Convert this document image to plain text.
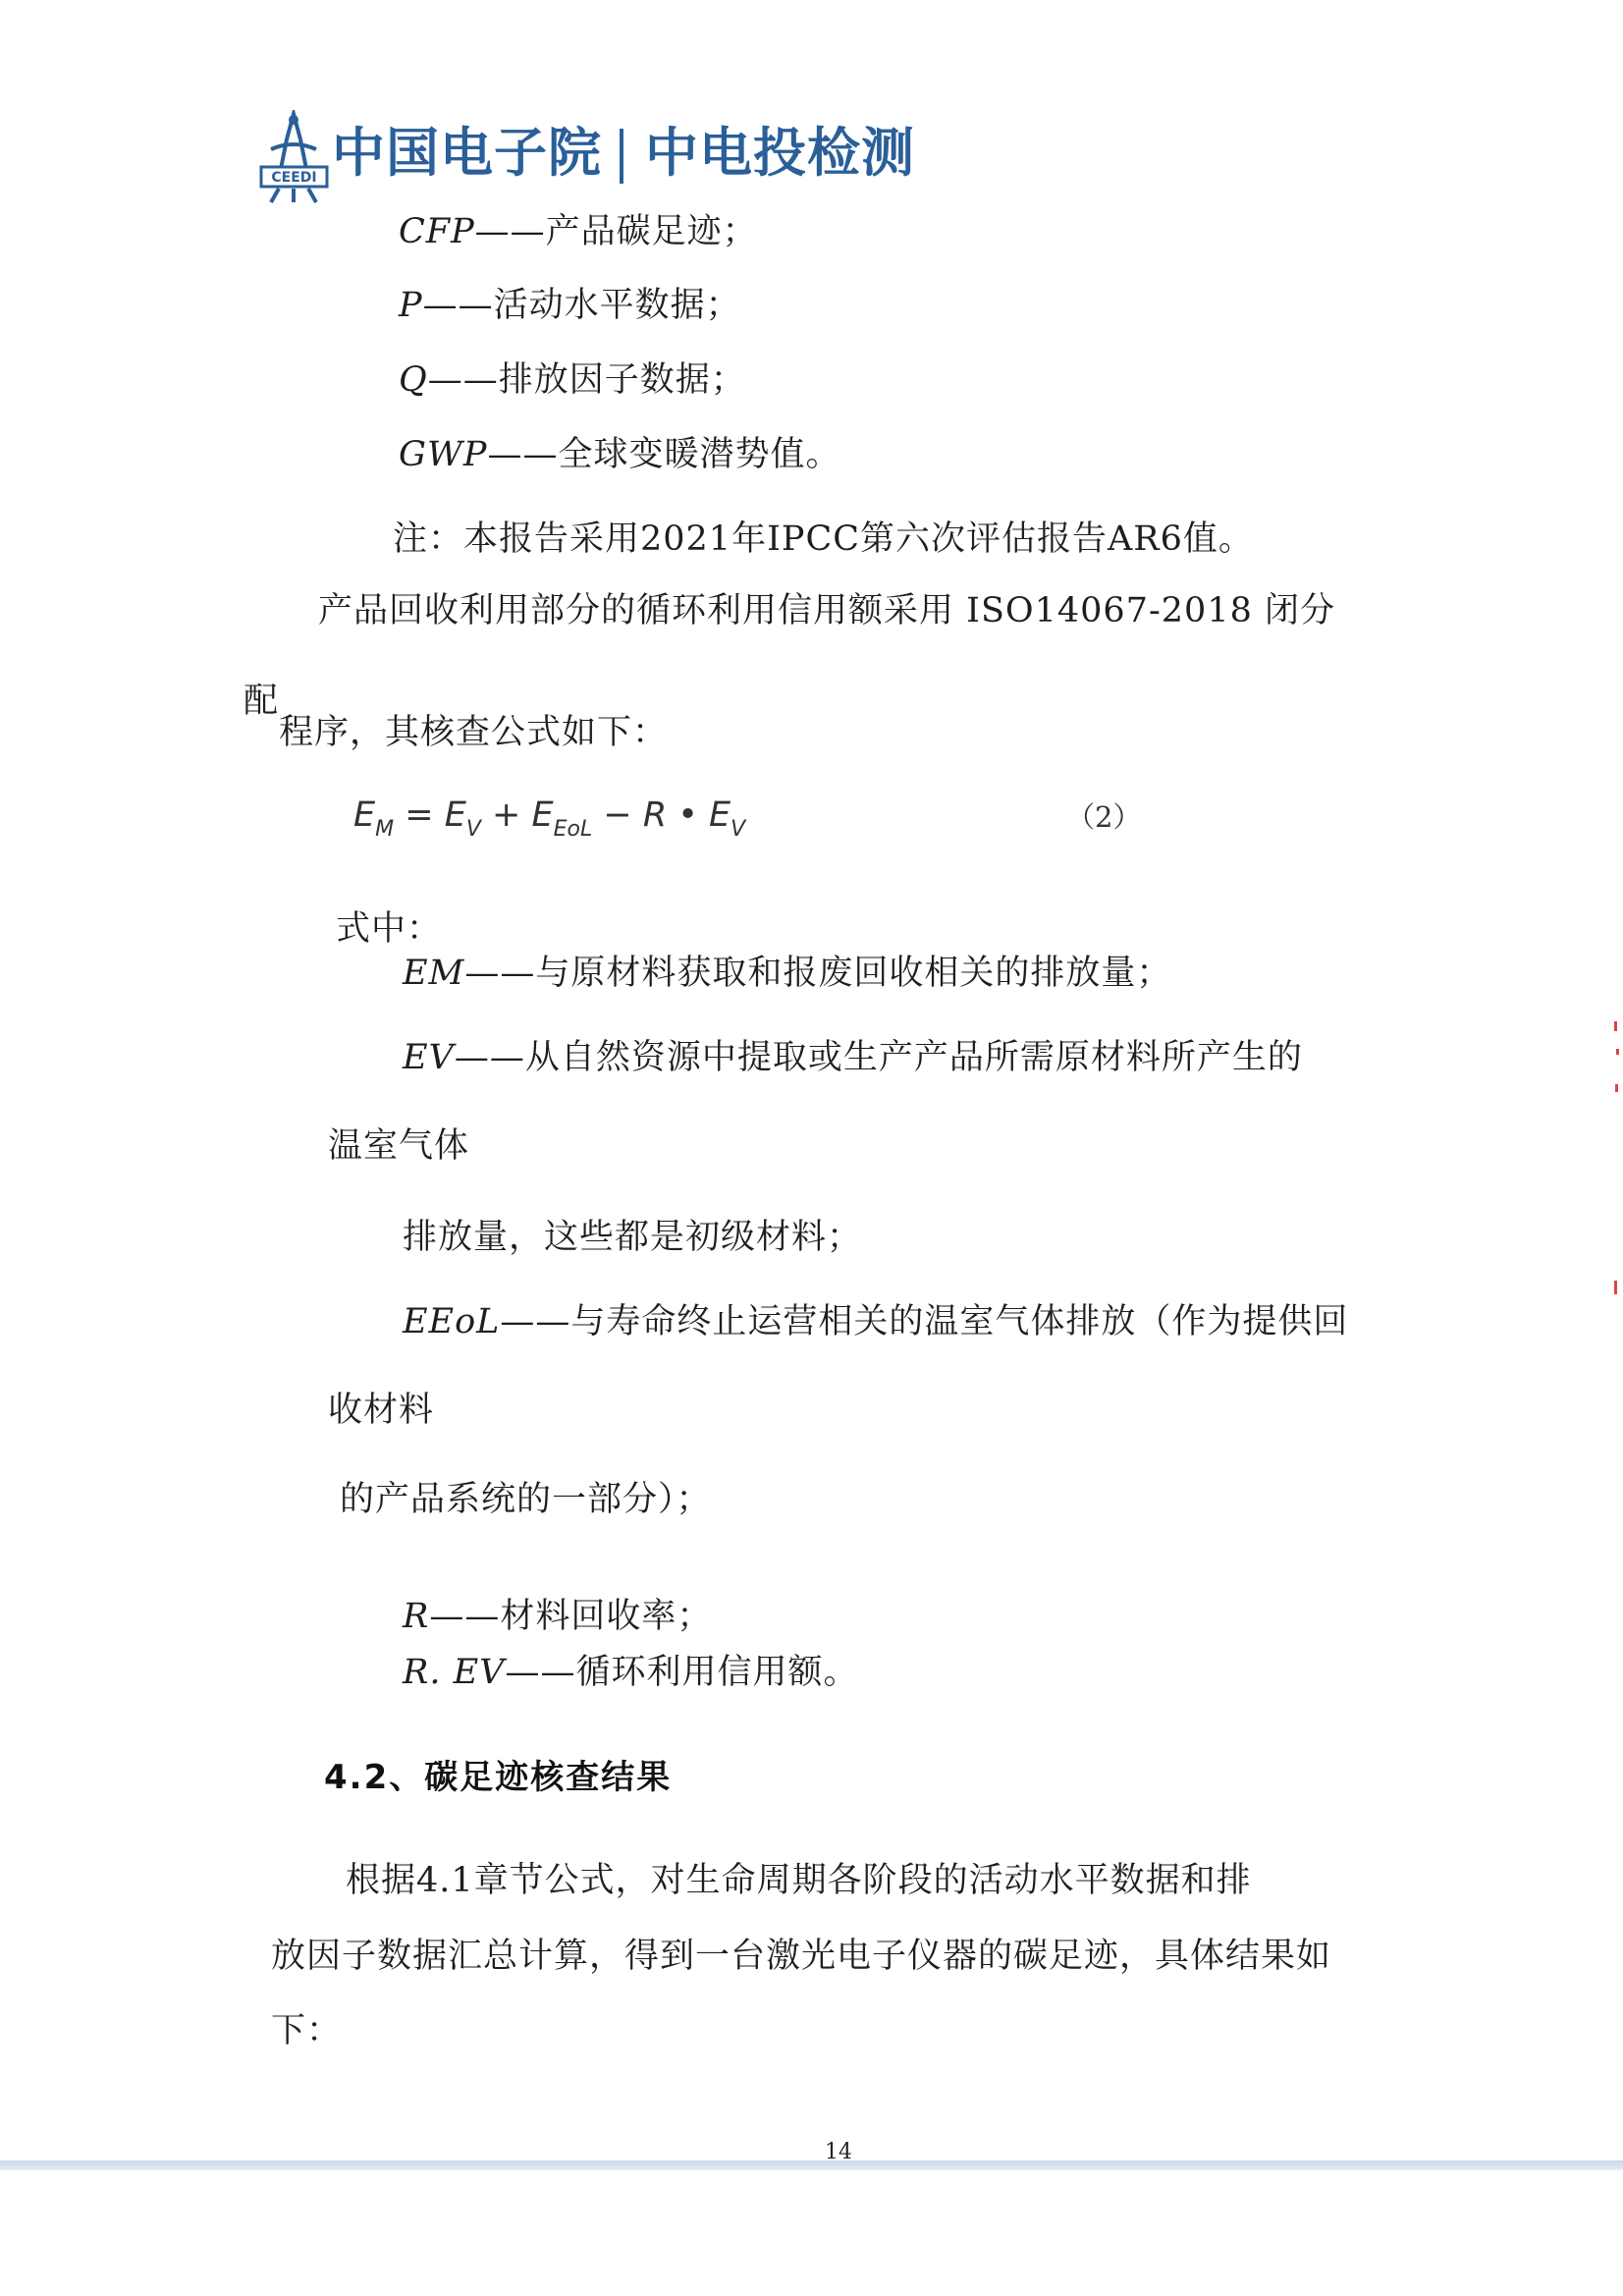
CEEDI 中国电子院 中电投检测
CFP——产品碳足迹；
P——活动水平数据；
Q——排放因子数据；
GWP——全球变暖潜势值。
注：本报告采用2021年IPCC第六次评估报告AR6值。
产品回收利用部分的循环利用信用额采用 ISO14067-2018 闭分
配
程序，其核查公式如下：
$E_M = E_V + E_{EoL} - R$ • $E_V$	（2）
式中：
EM——与原材料获取和报废回收相关的排放量；
EV——从自然资源中提取或生产产品所需原材料所产生的
温室气体
排放量，这些都是初级材料；
EEoL——与寿命终止运营相关的温室气体排放（作为提供回
收材料
的产品系统的一部分）；
R——材料回收率；
R. EV——循环利用信用额。
4.2、碳足迹核查结果
根据4.1章节公式，对生命周期各阶段的活动水平数据和排
放因子数据汇总计算，得到一台激光电子仪器的碳足迹，具体结果如
下：
14
